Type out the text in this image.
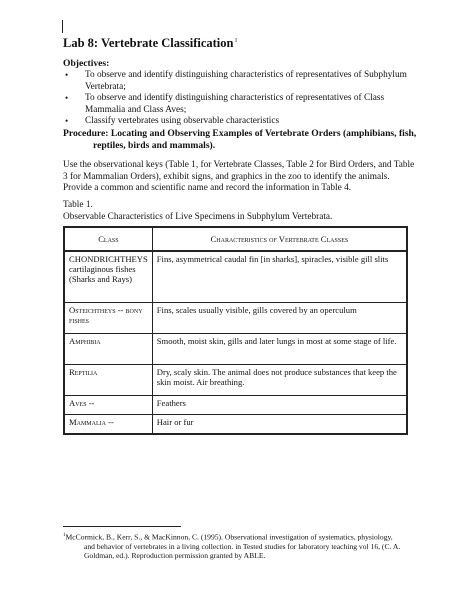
Lab 8: Vertebrate Classification$^1$
Objectives:
• To observe and identify distinguishing characteristics of representatives of Subphylum Vertebrata;
• To observe and identify distinguishing characteristics of representatives of Class Mammalia and Class Aves;
• Classify vertebrates using observable characteristics
Procedure: Locating and Observing Examples of Vertebrate Orders (amphibians, fish,
reptiles, birds and mammals).
Use the observational keys (Table 1, for Vertebrate Classes, Table 2 for Bird Orders, and Table 3 for Mammalian Orders), exhibit signs, and graphics in the zoo to identify the animals. Provide a common and scientific name and record the information in Table 4.
Table 1.
Observable Characteristics of Live Specimens in Subphylum Vertebrata.
Class	Characteristics of Vertebrate Classes
CHONDRICHTHEYS cartilaginous fishes (Sharks and Rays)	Fins, asymmetrical caudal fin [in sharks], spiracles, visible gill slits
Osteichtheys -- bony fishes	Fins, scales usually visible, gills covered by an operculum
Amphibia	Smooth, moist skin, gills and later lungs in most at some stage of life.
Reptilia	Dry, scaly skin. The animal does not produce substances that keep the skin moist. Air breathing.
Aves --	Feathers
Mammalia --	Hair or fur
$^1$McCormick, B., Kerr, S., & MacKinnon, C. (1995). Observational investigation of systematics, physiology,
and behavior of vertebrates in a living collection. in Tested studies for laboratory teaching vol 16, (C. A. Goldman, ed.). Reproduction permission granted by ABLE.
